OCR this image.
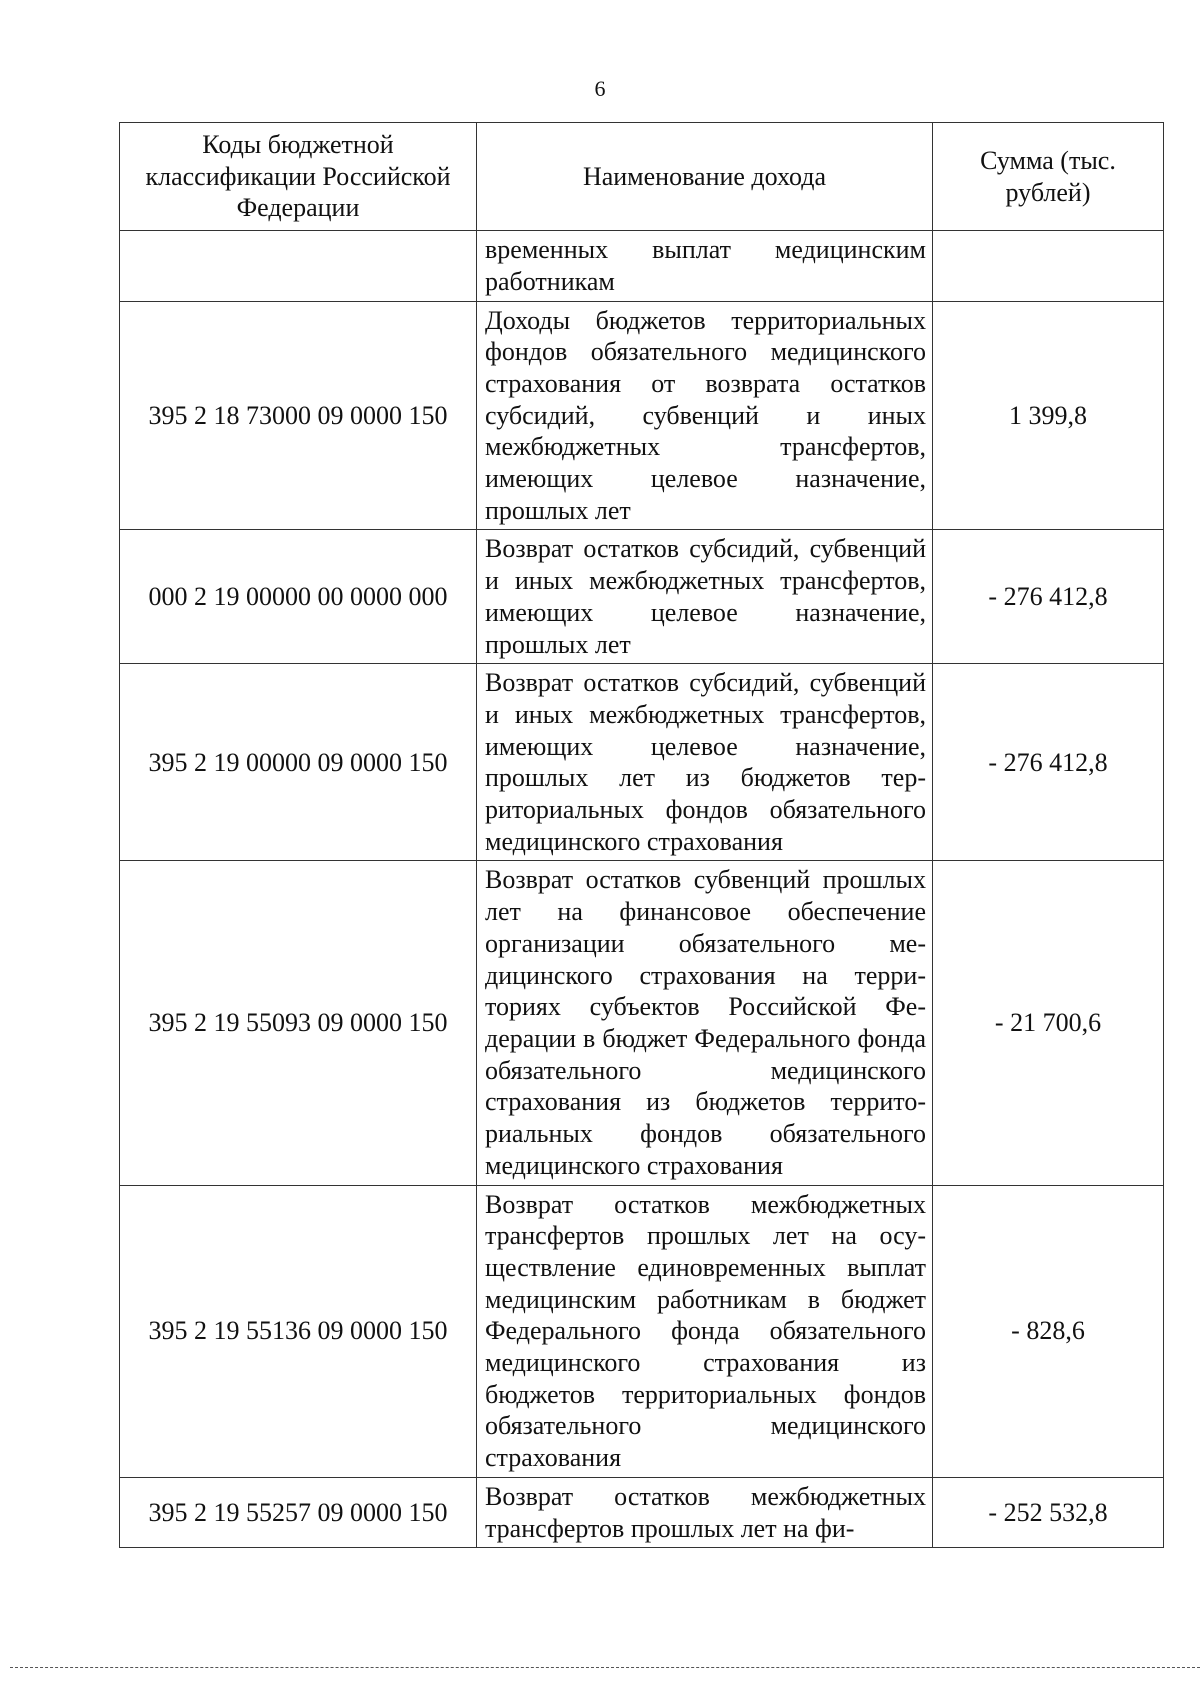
6
Коды бюджетной классификации Российской Федерации	Наименование дохода	Сумма (тыс. рублей)
	временных выплат медицинским работникам	
395 2 18 73000 09 0000 150	Доходы бюджетов территориальных фондов обязательного медицинского страхования от возврата остатков субсидий, субвенций и иных межбюджетных трансфертов, имеющих целевое назначение, прошлых лет	1 399,8
000 2 19 00000 00 0000 000	Возврат остатков субсидий, субвенций и иных межбюджетных трансфертов, имеющих целевое назначение, прошлых лет	- 276 412,8
395 2 19 00000 09 0000 150	Возврат остатков субсидий, субвенций и иных межбюджетных трансфертов, имеющих целевое назначение, прошлых лет из бюджетов территориальных фондов обязательного медицинского страхования	- 276 412,8
395 2 19 55093 09 0000 150	Возврат остатков субвенций прошлых лет на финансовое обеспечение организации обязательного медицинского страхования на территориях субъектов Российской Федерации в бюджет Федерального фонда обязательного медицинского страхования из бюджетов территориальных фондов обязательного медицинского страхования	- 21 700,6
395 2 19 55136 09 0000 150	Возврат остатков межбюджетных трансфертов прошлых лет на осуществление единовременных выплат медицинским работникам в бюджет Федерального фонда обязательного медицинского страхования из бюджетов территориальных фондов обязательного медицинского страхования	- 828,6
395 2 19 55257 09 0000 150	Возврат остатков межбюджетных трансфертов прошлых лет на фи-	- 252 532,8
